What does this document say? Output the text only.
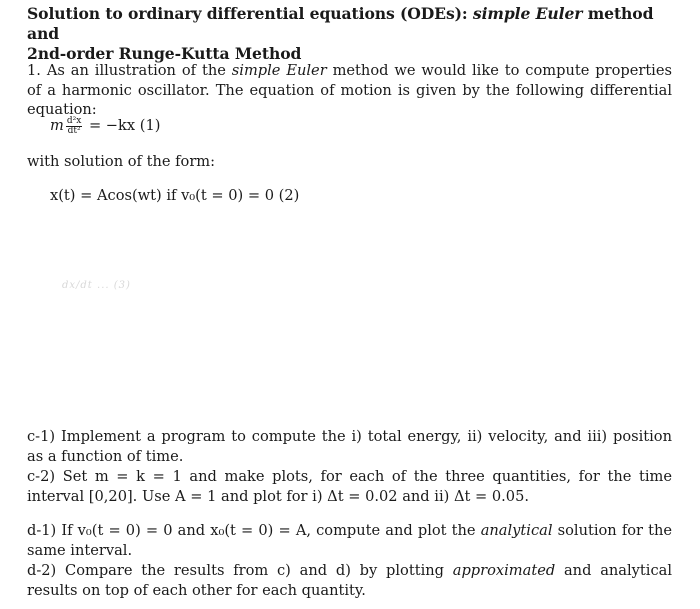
Solution to ordinary differential equations (ODEs): simple Euler method and
2nd-order Runge-Kutta Method
1. As an illustration of the simple Euler method we would like to compute properties of a harmonic oscillator. The equation of motion is given by the following differential equation:
m $\frac{\text{d²x}}{\text{dt²}} = -kx$ (1)
with solution of the form:
x(t) = Acos(wt) if v₀(t = 0) = 0 (2)
dx/dt ... (3)
c-1) Implement a program to compute the i) total energy, ii) velocity, and iii) position as a function of time.
c-2) Set m = k = 1 and make plots, for each of the three quantities, for the time interval [0,20]. Use A = 1 and plot for i) Δt = 0.02 and ii) Δt = 0.05.
d-1) If v₀(t = 0) = 0 and x₀(t = 0) = A, compute and plot the analytical solution for the same interval.
d-2) Compare the results from c) and d) by plotting approximated and analytical results on top of each other for each quantity.
